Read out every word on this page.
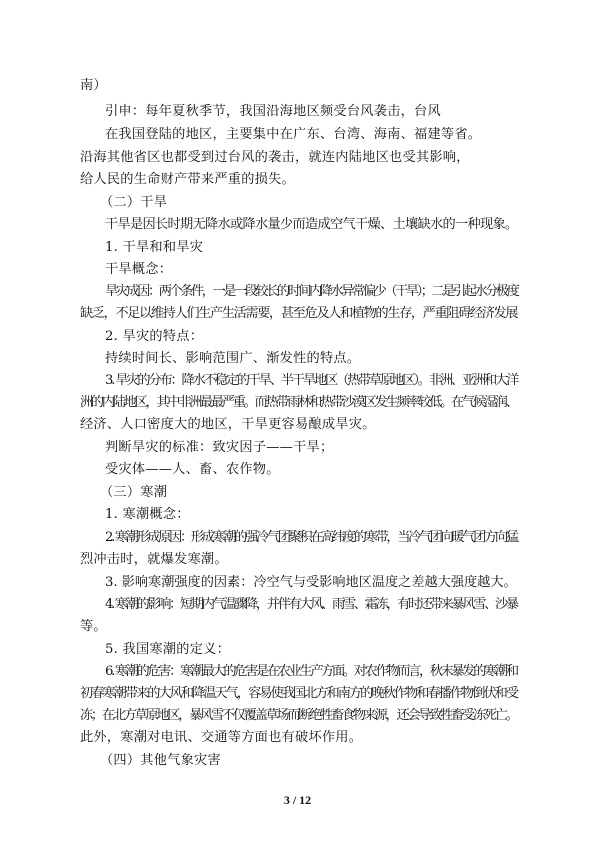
南）
引申：每年夏秋季节，我国沿海地区频受台风袭击，台风
在我国登陆的地区，主要集中在广东、台湾、海南、福建等省。
沿海其他省区也都受到过台风的袭击，就连内陆地区也受其影响，
给人民的生命财产带来严重的损失。
（二）干旱
干旱是因长时期无降水或降水量少而造成空气干燥、土壤缺水的一种现象。
1. 干旱和和旱灾
干旱概念：
旱灾成因：两个条件，一是一段较长的时间内降水异常偏少（干旱）；二是引起水分极度
缺乏，不足以维持人们生产生活需要，甚至危及人和植物的生存，严重阻碍经济发展
2. 旱灾的特点：
持续时间长、影响范围广、渐发性的特点。
3. 旱灾的分布：降水不稳定的干旱、半干旱地区（热带草原地区）。非洲、亚洲和大洋
洲的内陆地区，其中非洲最最严重。而热带雨林和热带沙漠区发生频率较低。在气候湿润、
经济、人口密度大的地区，干旱更容易酿成旱灾。
判断旱灾的标准：致灾因子——干旱；
受灾体——人、畜、农作物。
（三）寒潮
1. 寒潮概念：
2. 寒潮形成原因：形成寒潮的强冷气团聚积在高纬度的寒带，当冷气团向暖气团方向猛
烈冲击时，就爆发寒潮。
3. 影响寒潮强度的因素：冷空气与受影响地区温度之差越大强度越大。
4. 寒潮的影响：短期内气温骤降，并伴有大风、雨雪、霜冻，有时还带来暴风雪、沙暴
等。
5. 我国寒潮的定义：
6. 寒潮的危害：寒潮最大的危害是在农业生产方面。对农作物而言，秋末暴发的寒潮和
初春寒潮带来的大风和降温天气，容易使我国北方和南方的晚秋作物和春播作物倒伏和受
冻；在北方草原地区，暴风雪不仅覆盖草场而断绝牲畜食物来源，还会导致牲畜受冻死亡。
此外，寒潮对电讯、交通等方面也有破坏作用。
（四）其他气象灾害
3 / 12
